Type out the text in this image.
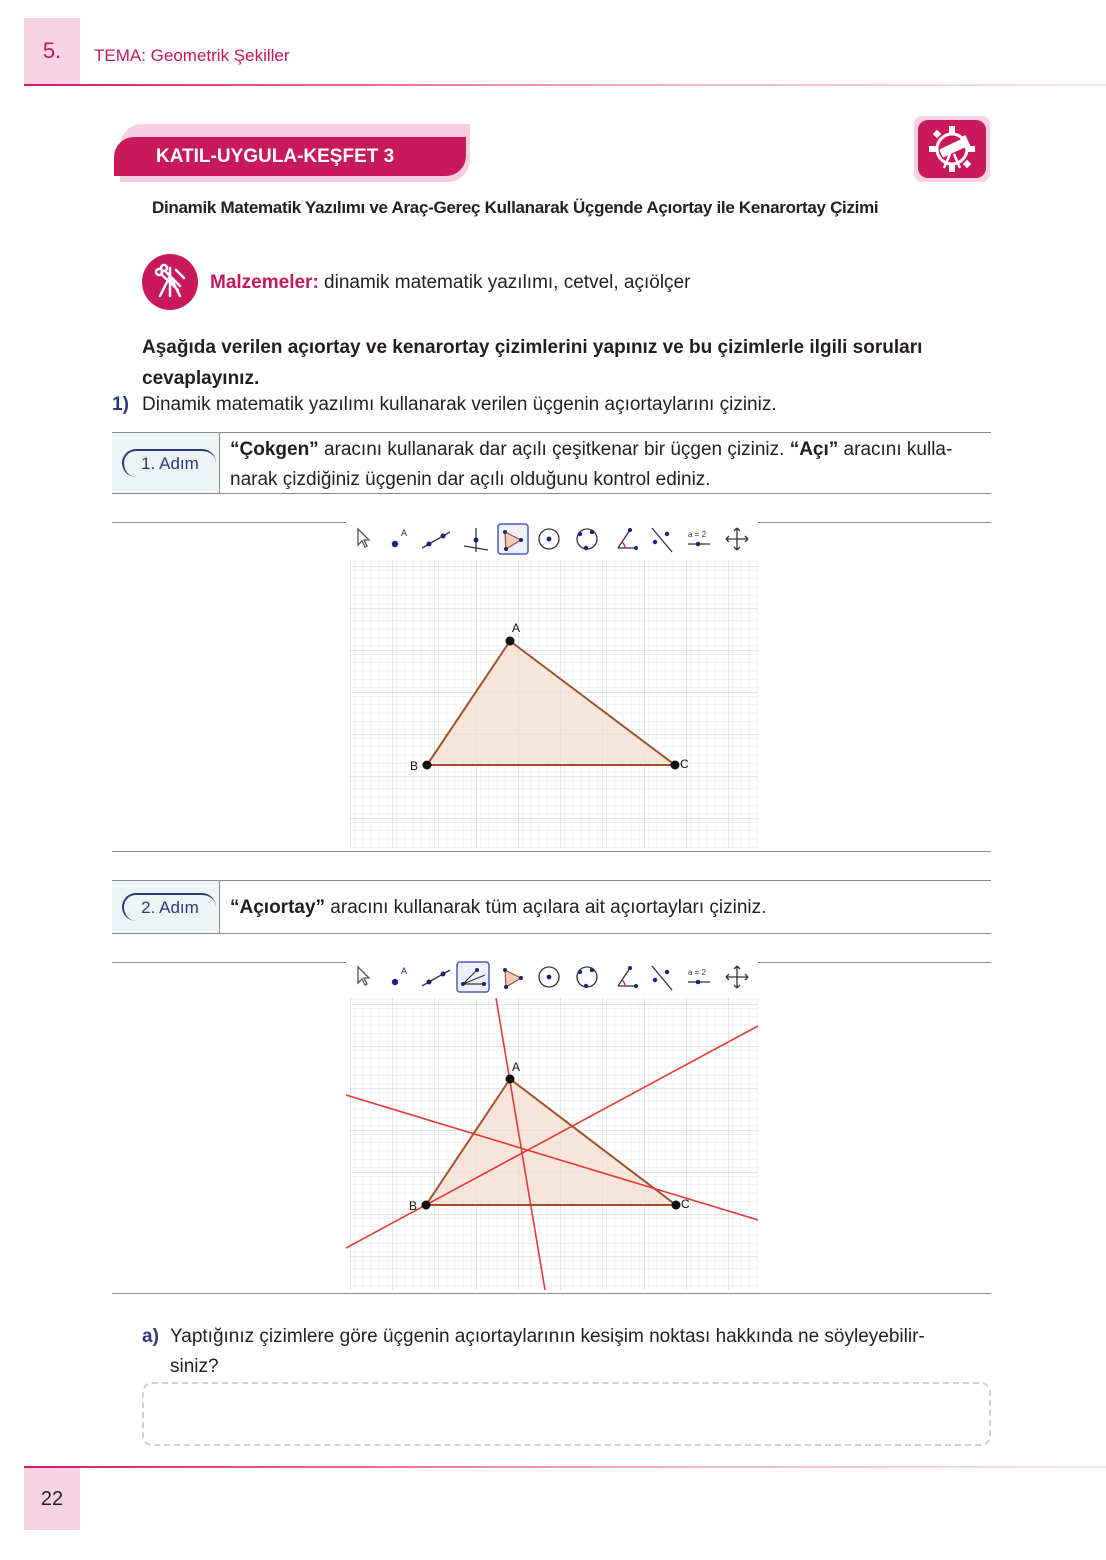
5.	TEMA: Geometrik Şekiller
KATIL-UYGULA-KEŞFET 3
Dinamik Matematik Yazılımı ve Araç-Gereç Kullanarak Üçgende Açıortay ile Kenarortay Çizimi
Malzemeler: dinamik matematik yazılımı, cetvel, açıölçer
Aşağıda verilen açıortay ve kenarortay çizimlerini yapınız ve bu çizimlerle ilgili soruları cevaplayınız.
1) Dinamik matematik yazılımı kullanarak verilen üçgenin açıortaylarını çiziniz.
1. Adım
“Çokgen” aracını kullanarak dar açılı çeşitkenar bir üçgen çiziniz. “Açı” aracını kulla-
narak çizdiğiniz üçgenin dar açılı olduğunu kontrol ediniz.
A	a = 2
A
B	C
2. Adım	“Açıortay” aracını kullanarak tüm açılara ait açıortayları çiziniz.
A	a = 2
A
B	C
a) Yaptığınız çizimlere göre üçgenin açıortaylarının kesişim noktası hakkında ne söyleyebilir-
siniz?
22
